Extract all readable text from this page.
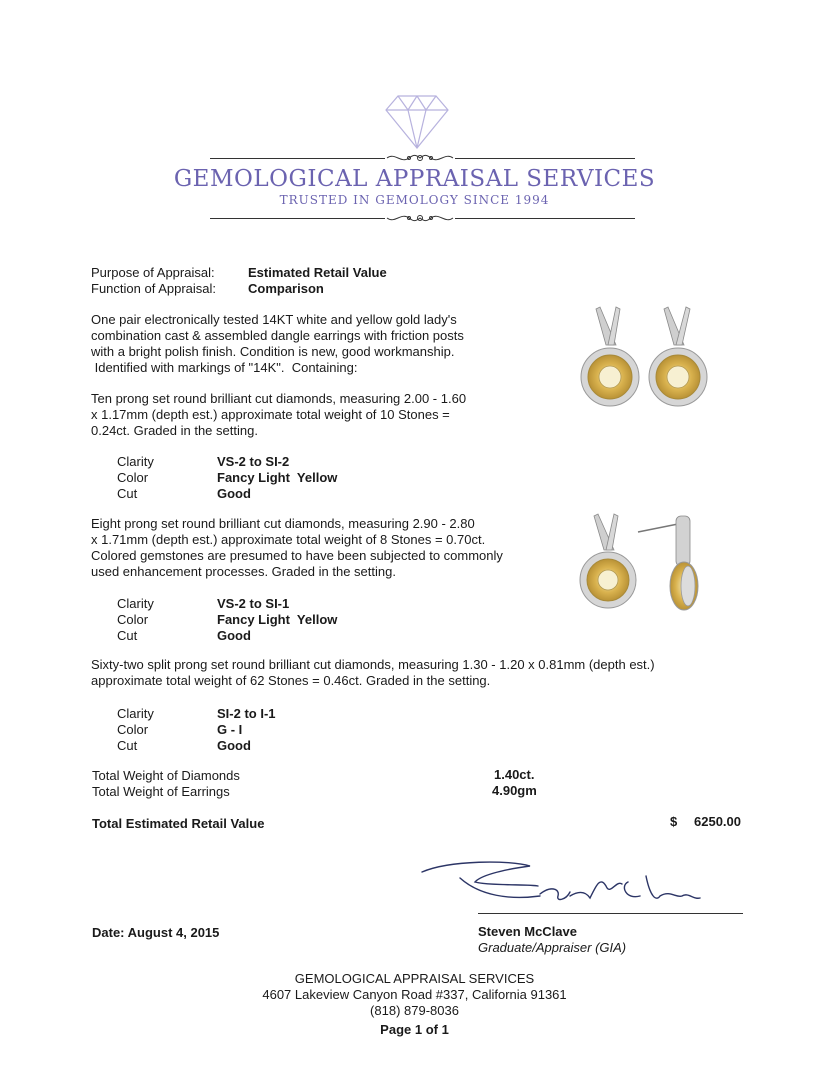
GEMOLOGICAL APPRAISAL SERVICES
TRUSTED IN GEMOLOGY SINCE 1994
Purpose of Appraisal:	Estimated Retail Value
Function of Appraisal: Comparison
One pair electronically tested 14KT white and yellow gold lady's
combination cast & assembled dangle earrings with friction posts
with a bright polish finish. Condition is new, good workmanship.
Identified with markings of "14K".  Containing:
Ten prong set round brilliant cut diamonds, measuring 2.00 - 1.60
x 1.17mm (depth est.) approximate total weight of 10 Stones =
0.24ct. Graded in the setting.
Clarity	VS-2 to SI-2
Color	Fancy Light  Yellow
Cut	Good
Eight prong set round brilliant cut diamonds, measuring 2.90 - 2.80
x 1.71mm (depth est.) approximate total weight of 8 Stones = 0.70ct.
Colored gemstones are presumed to have been subjected to commonly
used enhancement processes. Graded in the setting.
Clarity	VS-2 to SI-1
Color	Fancy Light  Yellow
Cut	Good
Sixty-two split prong set round brilliant cut diamonds, measuring 1.30 - 1.20 x 0.81mm (depth est.)
approximate total weight of 62 Stones = 0.46ct. Graded in the setting.
Clarity	SI-2 to I-1
Color	G - I
Cut	Good
Total Weight of Diamonds	1.40ct.
Total Weight of Earrings	4.90gm
Total Estimated Retail Value	$ 6250.00
Date: August 4, 2015	Steven McClave
Graduate/Appraiser (GIA)
GEMOLOGICAL APPRAISAL SERVICES
4607 Lakeview Canyon Road #337, California 91361
(818) 879-8036
Page 1 of 1
